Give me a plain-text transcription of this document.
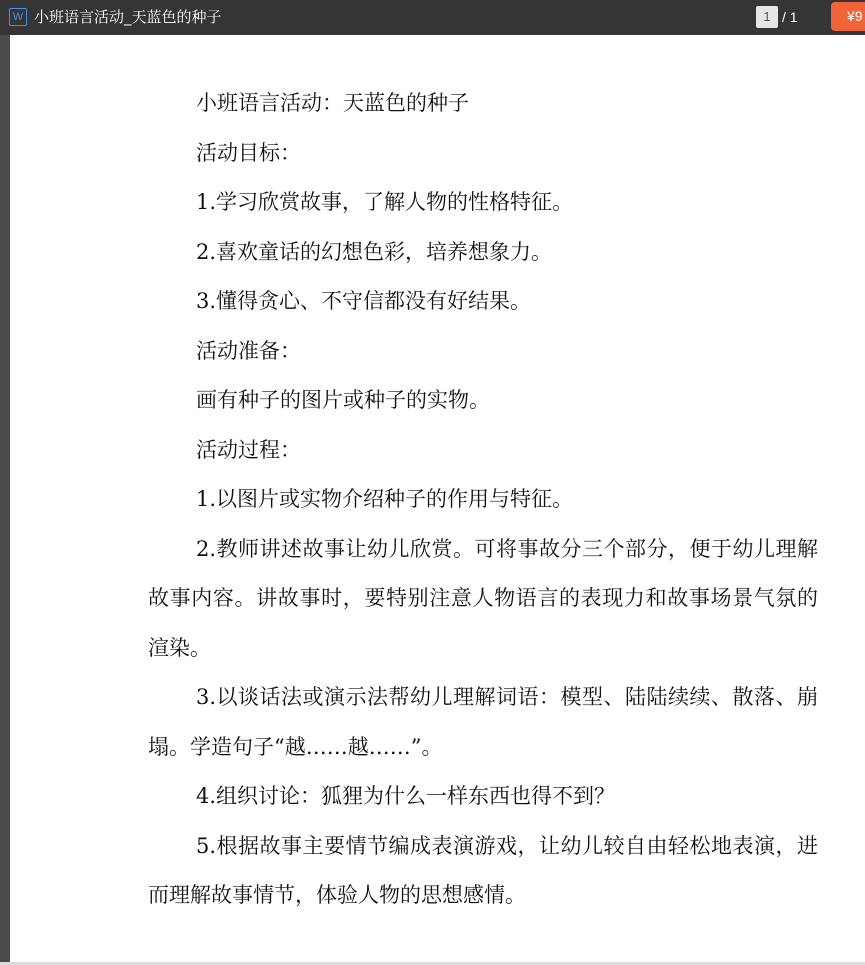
W 小班语言活动_天蓝色的种子	1 / 1	¥9

小班语言活动：天蓝色的种子

活动目标：

1.学习欣赏故事，了解人物的性格特征。

2.喜欢童话的幻想色彩，培养想象力。

3.懂得贪心、不守信都没有好结果。

活动准备：

画有种子的图片或种子的实物。

活动过程：

1.以图片或实物介绍种子的作用与特征。

2.教师讲述故事让幼儿欣赏。可将事故分三个部分，便于幼儿理解故事内容。讲故事时，要特别注意人物语言的表现力和故事场景气氛的渲染。

3.以谈话法或演示法帮幼儿理解词语：模型、陆陆续续、散落、崩塌。学造句子“越……越……”。

4.组织讨论：狐狸为什么一样东西也得不到？

5.根据故事主要情节编成表演游戏，让幼儿较自由轻松地表演，进而理解故事情节，体验人物的思想感情。
